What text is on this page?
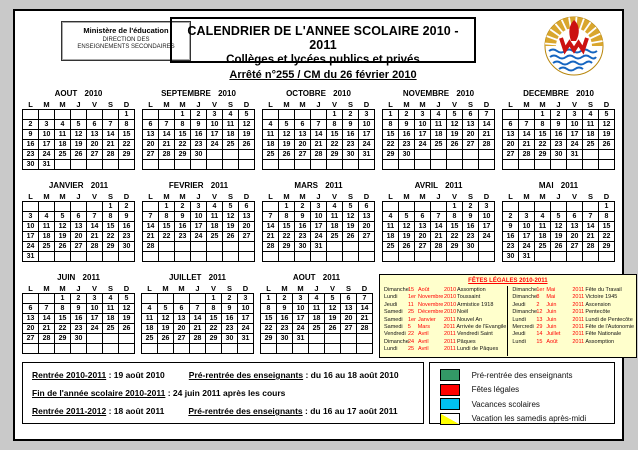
Ministère de l'éducation
DIRECTION DES
ENSEIGNEMENTS SECONDAIRES
CALENDRIER DE L'ANNEE SCOLAIRE 2010 - 2011
Collèges et lycées publics et privés
Arrêté n°255 / CM du 26 février 2010
AOUT 2010
L	M	M	J	V	S	D
						1
2	3	4	5	6	7	8
9	10	11	12	13	14	15
16	17	18	19	20	21	22
23	24	25	26	27	28	29
30	31					
SEPTEMBRE 2010
L	M	M	J	V	S	D
		1	2	3	4	5
6	7	8	9	10	11	12
13	14	15	16	17	18	19
20	21	22	23	24	25	26
27	28	29	30			

OCTOBRE 2010
L	M	M	J	V	S	D
				1	2	3
4	5	6	7	8	9	10
11	12	13	14	15	16	17
18	19	20	21	22	23	24
25	26	27	28	29	30	31

NOVEMBRE 2010
L	M	M	J	V	S	D
1	2	3	4	5	6	7
8	9	10	11	12	13	14
15	16	17	18	19	20	21
22	23	24	25	26	27	28
29	30					

DECEMBRE 2010
L	M	M	J	V	S	D
		1	2	3	4	5
6	7	8	9	10	11	12
13	14	15	16	17	18	19
20	21	22	23	24	25	26
27	28	29	30	31		

JANVIER 2011
L	M	M	J	V	S	D
					1	2
3	4	5	6	7	8	9
10	11	12	13	14	15	16
17	18	19	20	21	22	23
24	25	26	27	28	29	30
31						
FEVRIER 2011
L	M	M	J	V	S	D
	1	2	3	4	5	6
7	8	9	10	11	12	13
14	15	16	17	18	19	20
21	22	23	24	25	26	27
28						

MARS 2011
L	M	M	J	V	S	D
	1	2	3	4	5	6
7	8	9	10	11	12	13
14	15	16	17	18	19	20
21	22	23	24	25	26	27
28	29	30	31			

AVRIL 2011
L	M	M	J	V	S	D
				1	2	3
4	5	6	7	8	9	10
11	12	13	14	15	16	17
18	19	20	21	22	23	24
25	26	27	28	29	30	

MAI 2011
L	M	M	J	V	S	D
						1
2	3	4	5	6	7	8
9	10	11	12	13	14	15
16	17	18	19	20	21	22
23	24	25	26	27	28	29
30	31					
JUIN 2011
L	M	M	J	V	S	D
		1	2	3	4	5
6	7	8	9	10	11	12
13	14	15	16	17	18	19
20	21	22	23	24	25	26
27	28	29	30			

JUILLET 2011
L	M	M	J	V	S	D
				1	2	3
4	5	6	7	8	9	10
11	12	13	14	15	16	17
18	19	20	21	22	23	24
25	26	27	28	29	30	31

AOUT 2011
L	M	M	J	V	S	D
1	2	3	4	5	6	7
8	9	10	11	12	13	14
15	16	17	18	19	20	21
22	23	24	25	26	27	28
29	30	31				

FÊTES LÉGALES 2010-2011
Dimanche 15 Août	2010 Assomption
Lundi	1er Novembre 2010 Toussaint
Jeudi	11 Novembre 2010 Armistice 1918
Samedi 25 Décembre 2010 Noël
Samedi 1er Janvier	2011 Nouvel An
Samedi 5	Mars	2011 Arrivée de l'Evangile
Vendredi 22 Avril	2011 Vendredi Saint
Dimanche 24 Avril	2011 Pâques
Lundi	25 Avril	2011 Lundi de Pâques
Dimanche 1er Mai	2011 Fête du Travail
Dimanche 8	Mai	2011 Victoire 1945
Jeudi	2	Juin	2011 Ascension
Dimanche 12 Juin	2011 Pentecôte
Lundi	13 Juin	2011 Lundi de Pentecôte
Mercredi 29 Juin	2011 Fête de l'Autonomie
Jeudi	14 Juillet	2011 Fête Nationale
Lundi	15 Août	2011 Assomption
Rentrée 2010-2011 : 19 août 2010	Pré-rentrée des enseignants : du 16 au 18 août 2010
Fin de l'année scolaire 2010-2011 : 24 juin 2011 après les cours
Rentrée 2011-2012 : 18 août 2011	Pré-rentrée des enseignants : du 16 au 17 août 2011
Pré-rentrée des enseignants
Fêtes légales
Vacances scolaires
Vacation les samedis après-midi
